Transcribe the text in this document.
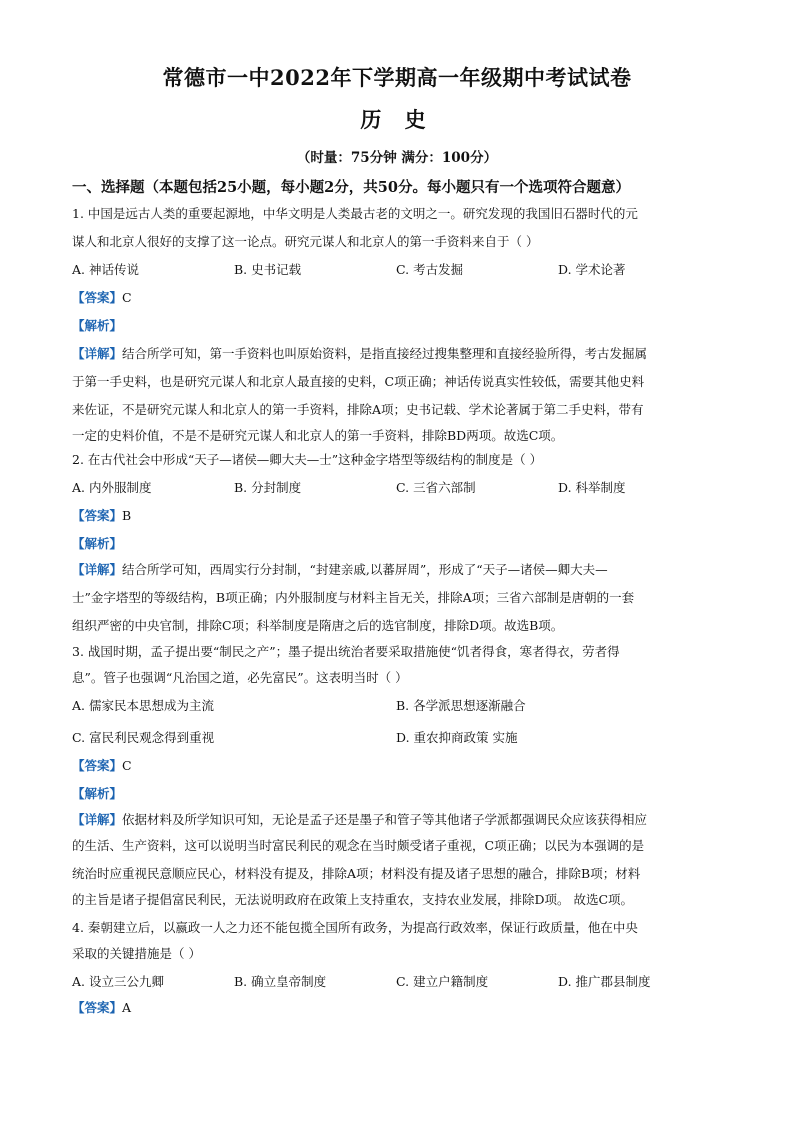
常德市一中2022年下学期高一年级期中考试试卷
历 史
（时量：75分钟 满分：100分）
一、选择题（本题包括25小题，每小题2分，共50分。每小题只有一个选项符合题意）
1. 中国是远古人类的重要起源地，中华文明是人类最古老的文明之一。研究发现的我国旧石器时代的元
谋人和北京人很好的支撑了这一论点。研究元谋人和北京人的第一手资料来自于（ ）
A. 神话传说	B. 史书记载	C. 考古发掘	D. 学术论著
【答案】C
【解析】
【详解】结合所学可知，第一手资料也叫原始资料，是指直接经过搜集整理和直接经验所得，考古发掘属
于第一手史料，也是研究元谋人和北京人最直接的史料，C项正确；神话传说真实性较低，需要其他史料
来佐证，不是研究元谋人和北京人的第一手资料，排除A项；史书记载、学术论著属于第二手史料，带有
一定的史料价值，不是不是研究元谋人和北京人的第一手资料，排除BD两项。故选C项。
2. 在古代社会中形成“天子—诸侯—卿大夫—士”这种金字塔型等级结构的制度是（ ）
A. 内外服制度	B. 分封制度	C. 三省六部制	D. 科举制度
【答案】B
【解析】
【详解】结合所学可知，西周实行分封制，“封建亲戚,以蕃屏周”，形成了“天子—诸侯—卿大夫—
士”金字塔型的等级结构，B项正确；内外服制度与材料主旨无关，排除A项；三省六部制是唐朝的一套
组织严密的中央官制，排除C项；科举制度是隋唐之后的选官制度，排除D项。故选B项。
3. 战国时期，孟子提出要“制民之产”；墨子提出统治者要采取措施使“饥者得食，寒者得衣，劳者得
息”。管子也强调“凡治国之道，必先富民”。这表明当时（ ）
A. 儒家民本思想成为主流	B. 各学派思想逐渐融合
C. 富民利民观念得到重视	D. 重农抑商政策 实施
【答案】C
【解析】
【详解】依据材料及所学知识可知，无论是孟子还是墨子和管子等其他诸子学派都强调民众应该获得相应
的生活、生产资料，这可以说明当时富民利民的观念在当时颇受诸子重视，C项正确；以民为本强调的是
统治时应重视民意顺应民心，材料没有提及，排除A项；材料没有提及诸子思想的融合，排除B项；材料
的主旨是诸子提倡富民利民，无法说明政府在政策上支持重农，支持农业发展，排除D项。 故选C项。
4. 秦朝建立后，以嬴政一人之力还不能包揽全国所有政务，为提高行政效率，保证行政质量，他在中央
采取的关键措施是（ ）
A. 设立三公九卿	B. 确立皇帝制度	C. 建立户籍制度	D. 推广郡县制度
【答案】A
